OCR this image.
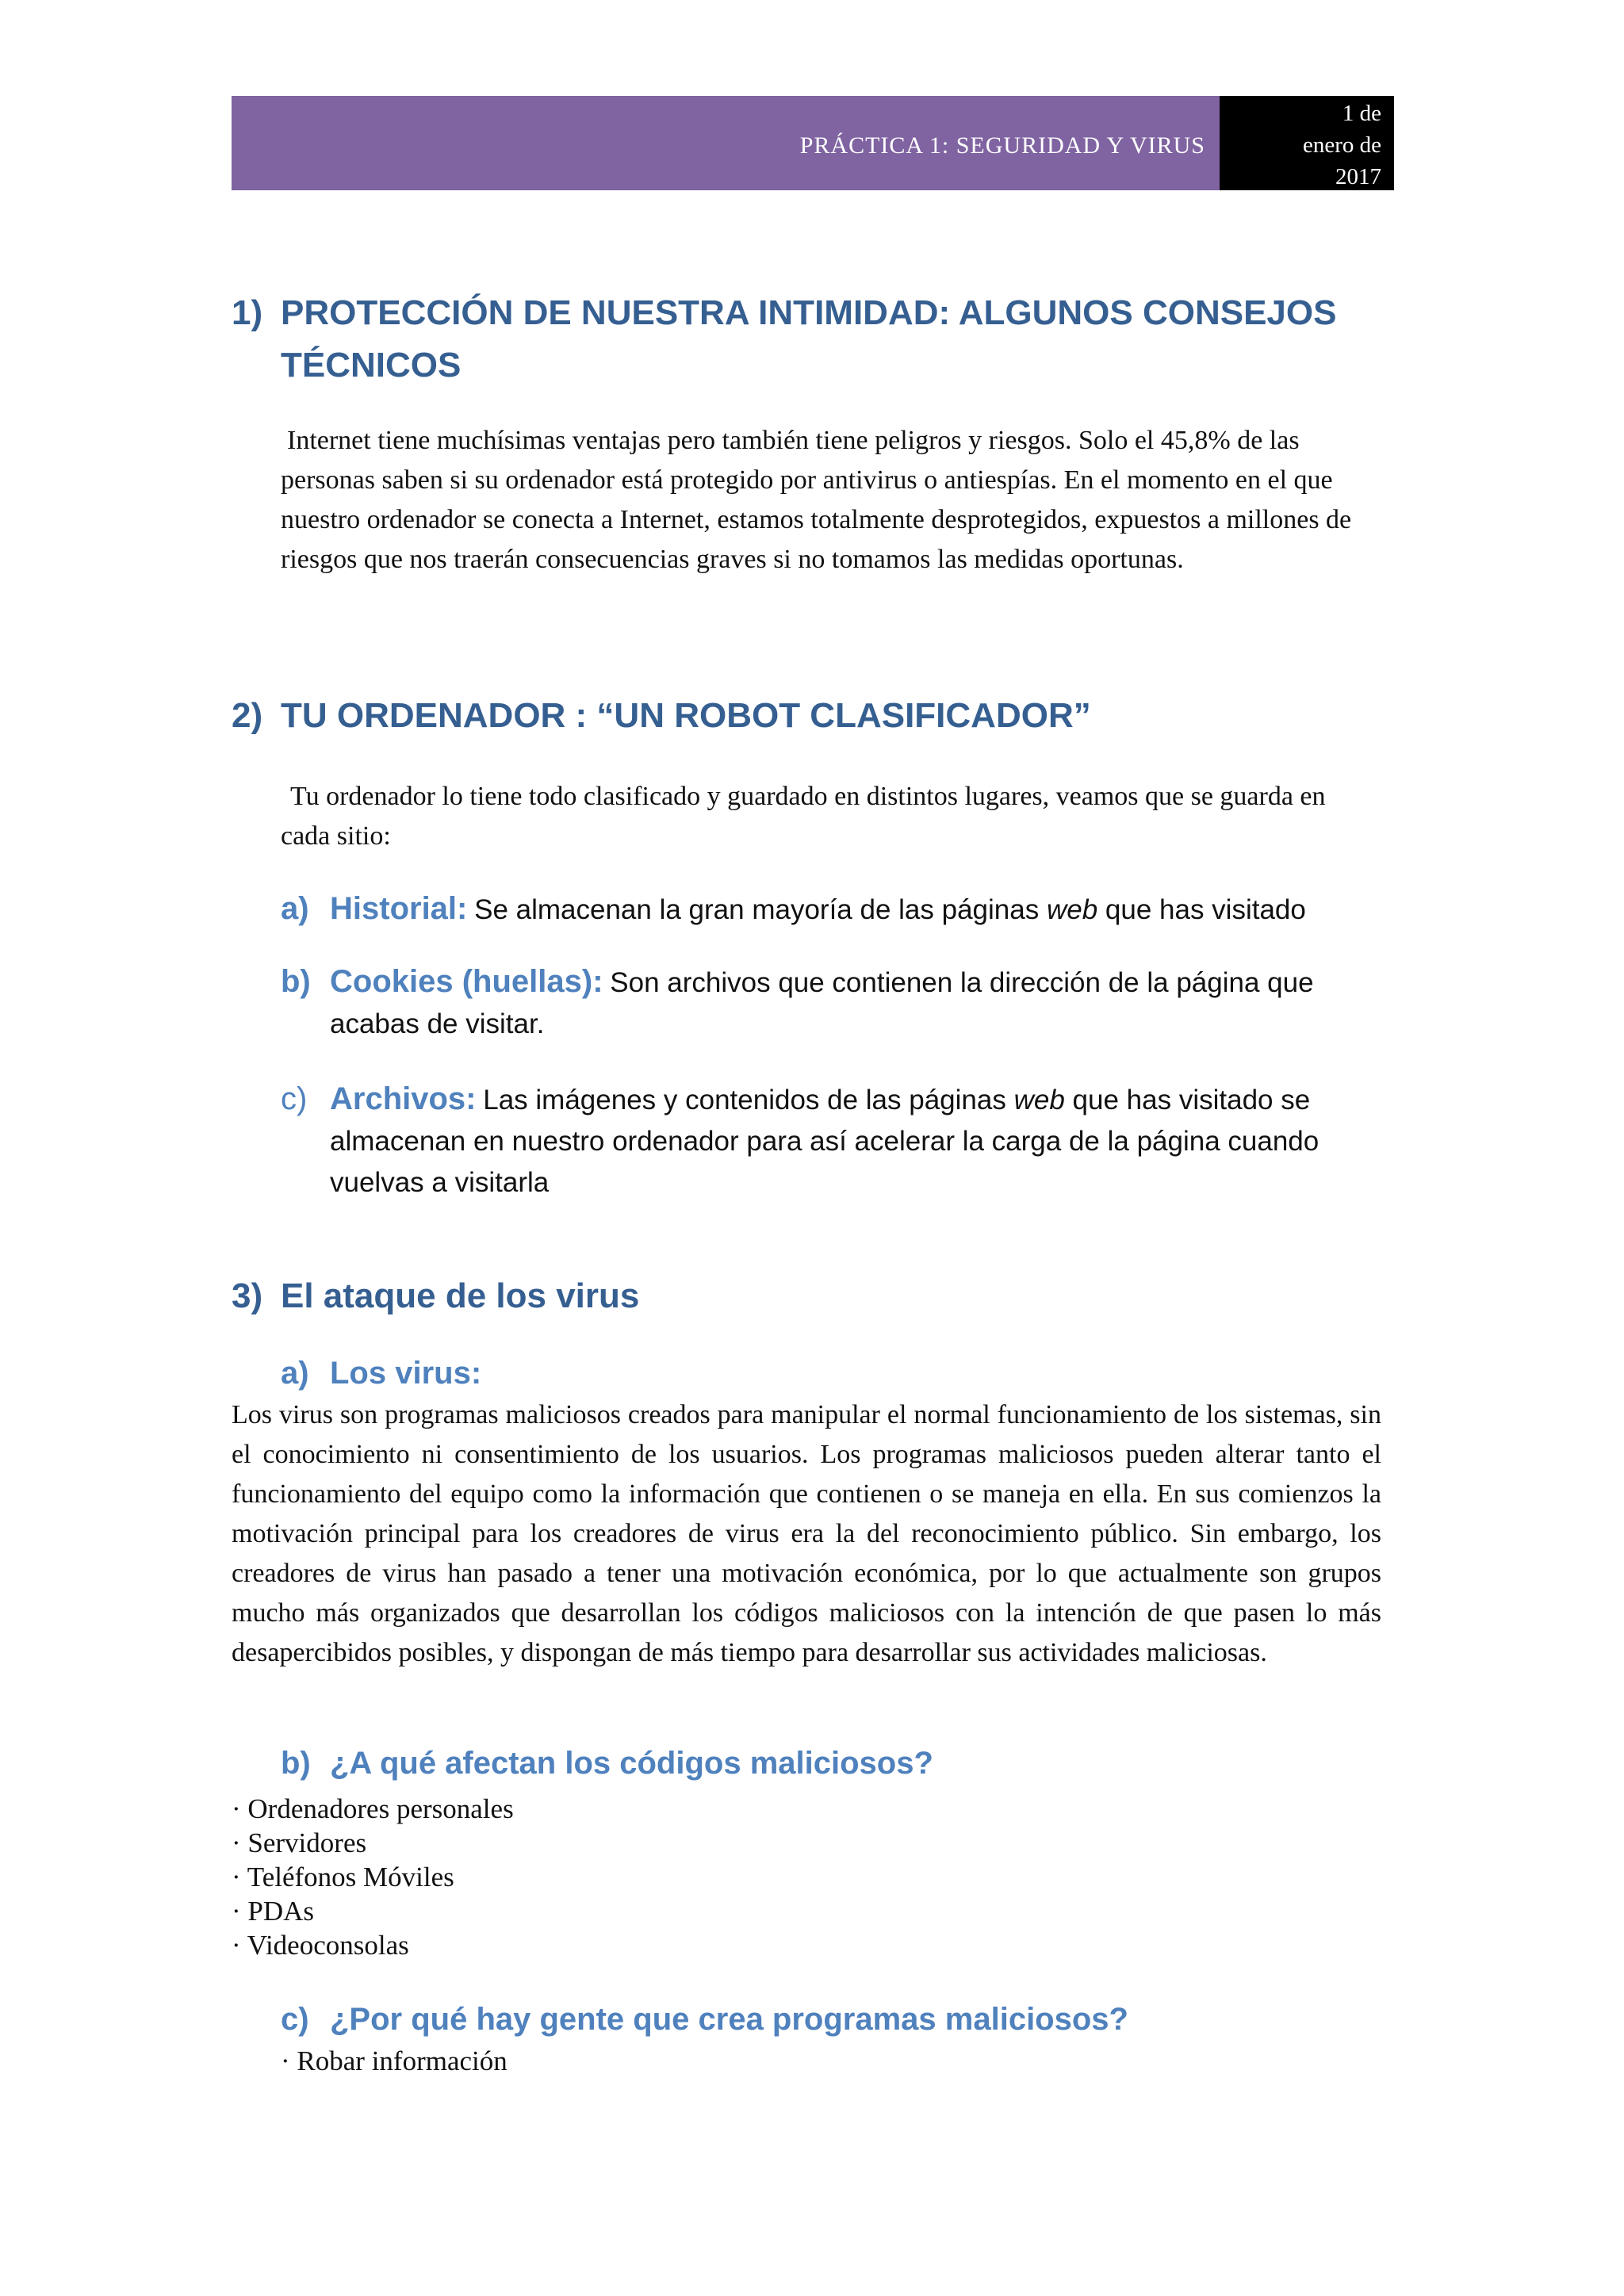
PRÁCTICA 1: SEGURIDAD Y VIRUS
1 de
enero de
2017
1) PROTECCIÓN DE NUESTRA INTIMIDAD: ALGUNOS CONSEJOS
TÉCNICOS
Internet tiene muchísimas ventajas pero también tiene peligros y riesgos. Solo el 45,8% de las personas saben si su ordenador está protegido por antivirus o antiespías. En el momento en el que nuestro ordenador se conecta a Internet, estamos totalmente desprotegidos, expuestos a millones de riesgos que nos traerán consecuencias graves si no tomamos las medidas oportunas.
2) TU ORDENADOR : “UN ROBOT CLASIFICADOR”
Tu ordenador lo tiene todo clasificado y guardado en distintos lugares, veamos que se guarda en cada sitio:
a) Historial: Se almacenan la gran mayoría de las páginas web que has visitado
b) Cookies (huellas): Son archivos que contienen la dirección de la página que acabas de visitar.
c) Archivos: Las imágenes y contenidos de las páginas web que has visitado se almacenan en nuestro ordenador para así acelerar la carga de la página cuando vuelvas a visitarla
3) El ataque de los virus
a) Los virus:
Los virus son programas maliciosos creados para manipular el normal funcionamiento de los sistemas, sin el conocimiento ni consentimiento de los usuarios. Los programas maliciosos pueden alterar tanto el funcionamiento del equipo como la información que contienen o se maneja en ella. En sus comienzos la motivación principal para los creadores de virus era la del reconocimiento público. Sin embargo, los creadores de virus han pasado a tener una motivación económica, por lo que actualmente son grupos mucho más organizados que desarrollan los códigos maliciosos con la intención de que pasen lo más desapercibidos posibles, y dispongan de más tiempo para desarrollar sus actividades maliciosas.
b) ¿A qué afectan los códigos maliciosos?
· Ordenadores personales
· Servidores
· Teléfonos Móviles
· PDAs
· Videoconsolas
c) ¿Por qué hay gente que crea programas maliciosos?
· Robar información
